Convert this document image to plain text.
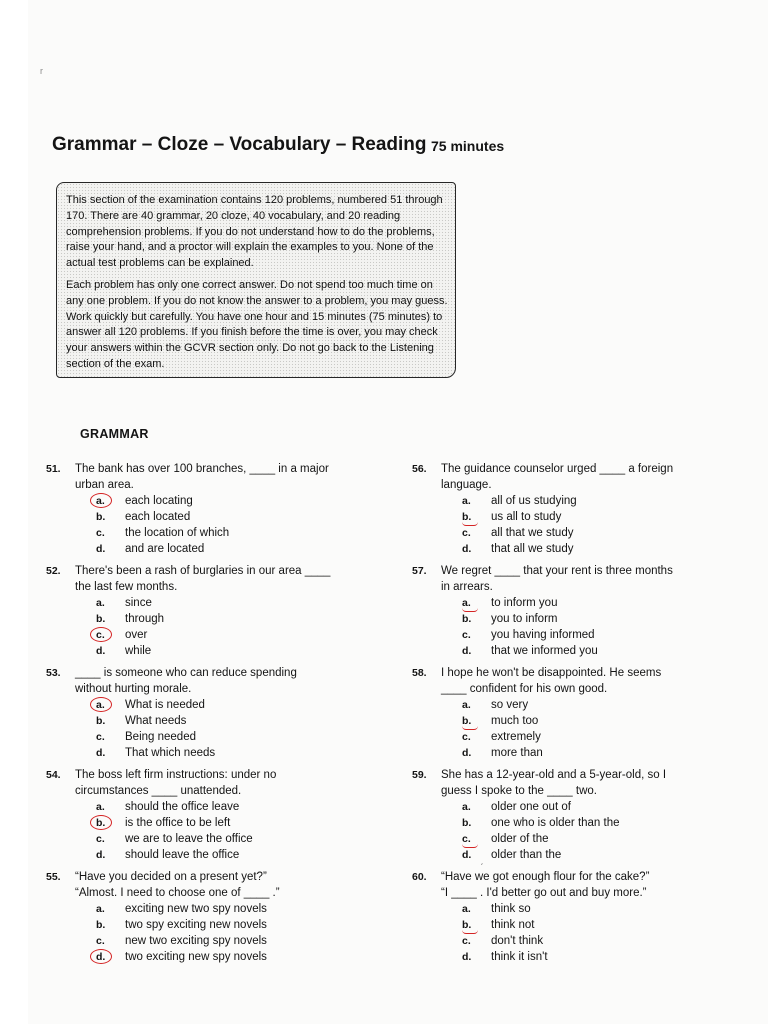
r
Grammar – Cloze – Vocabulary – Reading 75 minutes

This section of the examination contains 120 problems, numbered 51 through 170. There are 40 grammar, 20 cloze, 40 vocabulary, and 20 reading comprehension problems. If you do not understand how to do the problems, raise your hand, and a proctor will explain the examples to you. None of the actual test problems can be explained.

Each problem has only one correct answer. Do not spend too much time on any one problem. If you do not know the answer to a problem, you may guess. Work quickly but carefully. You have one hour and 15 minutes (75 minutes) to answer all 120 problems. If you finish before the time is over, you may check your answers within the GCVR section only. Do not go back to the Listening section of the exam.

GRAMMAR
51.	The bank has over 100 branches, ____ in a major
urban area.
a. each locating
b. each located
c. the location of which
d. and are located
52.	There's been a rash of burglaries in our area ____
the last few months.
a. since
b. through
c. over
d. while
53.	____ is someone who can reduce spending
without hurting morale.
a. What is needed
b. What needs
c. Being needed
d. That which needs
54.	The boss left firm instructions: under no
circumstances ____ unattended.
a. should the office leave
b. is the office to be left
c. we are to leave the office
d. should leave the office
55.	“Have you decided on a present yet?”
“Almost. I need to choose one of ____ .”
a. exciting new two spy novels
b. two spy exciting new novels
c. new two exciting spy novels
d. two exciting new spy novels
56.	The guidance counselor urged ____ a foreign
language.
a. all of us studying
b. us all to study
c. all that we study
d. that all we study
57.	We regret ____ that your rent is three months
in arrears.
a. to inform you
b. you to inform
c. you having informed
d. that we informed you
58.	I hope he won't be disappointed. He seems
____ confident for his own good.
a. so very
b. much too
c. extremely
d. more than
59.	She has a 12-year-old and a 5-year-old, so I
guess I spoke to the ____ two.
a. older one out of
b. one who is older than the
c. older of the
d. ˏ older than the
60.	“Have we got enough flour for the cake?”
“I ____ . I'd better go out and buy more.”
a. think so
b. think not
c. don't think
d. think it isn't
